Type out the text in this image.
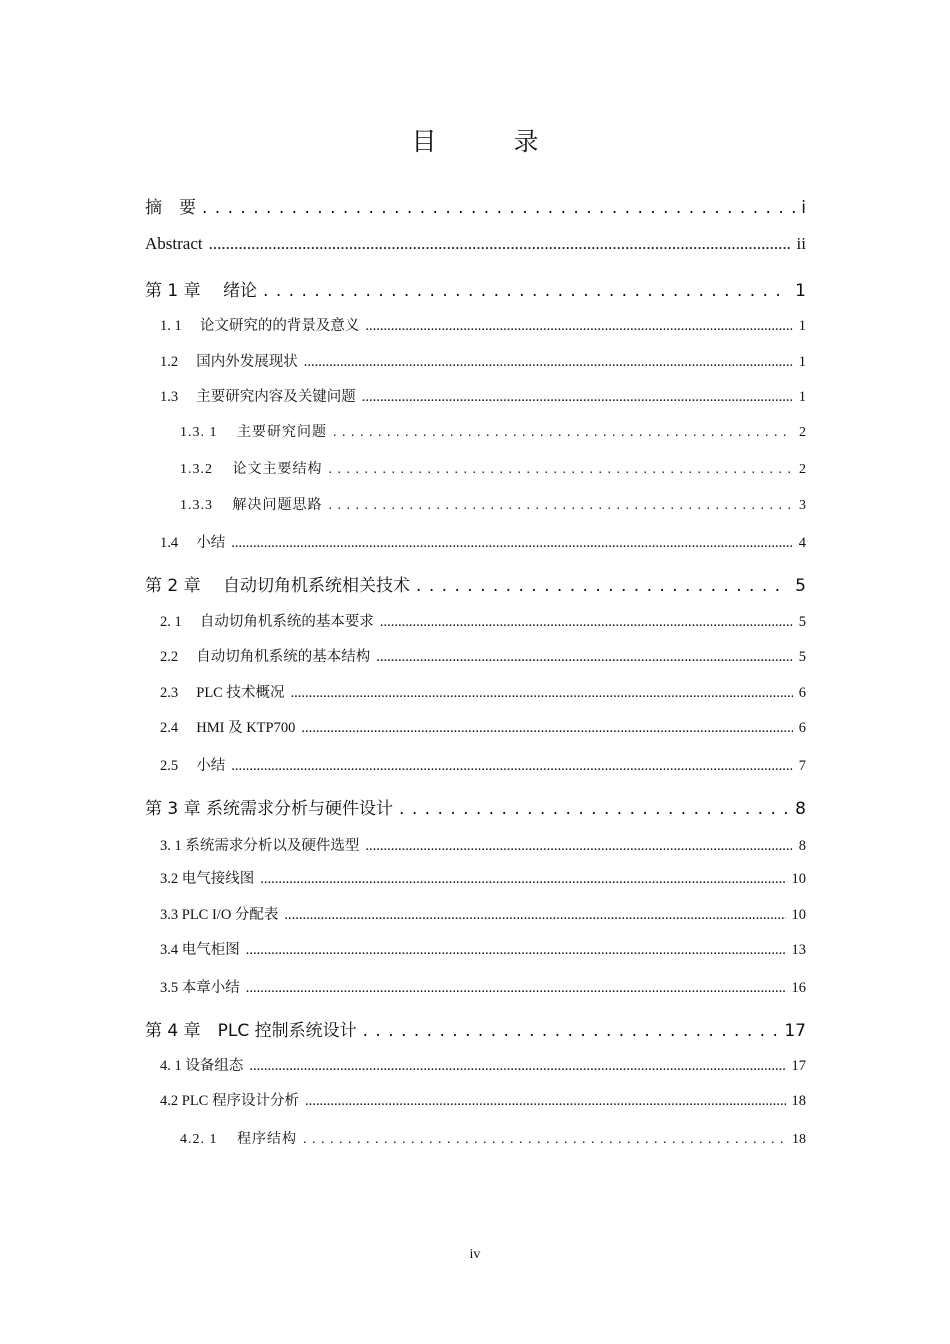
目　录
摘　要 . . .	i
Abstract .....	ii
第 1 章　 绪论 . . .	1
1. 1　 论文研究的的背景及意义 .....	1
1.2　 国内外发展现状 .....	1
1.3　 主要研究内容及关键问题 .....	1
1.3. 1　 主要研究问题 . . .	2
1.3.2　 论文主要结构 . . .	2
1.3.3　 解决问题思路 . . .	3
1.4　 小结 .....	4
第 2 章　 自动切角机系统相关技术 . . .	5
2. 1　 自动切角机系统的基本要求 .....	5
2.2　 自动切角机系统的基本结构 .....	5
2.3　 PLC 技术概况 .....	6
2.4　 HMI 及 KTP700 .....	6
2.5　 小结 .....	7
第 3 章 系统需求分析与硬件设计 . . .	8
3. 1 系统需求分析以及硬件选型 .....	8
3.2 电气接线图 .....	10
3.3 PLC I/O 分配表 .....	10
3.4 电气柜图 .....	13
3.5 本章小结 .....	16
第 4 章　PLC 控制系统设计 . . .	17
4. 1 设备组态 .....	17
4.2 PLC 程序设计分析 .....	18
4.2. 1　 程序结构 . . .	18
iv
